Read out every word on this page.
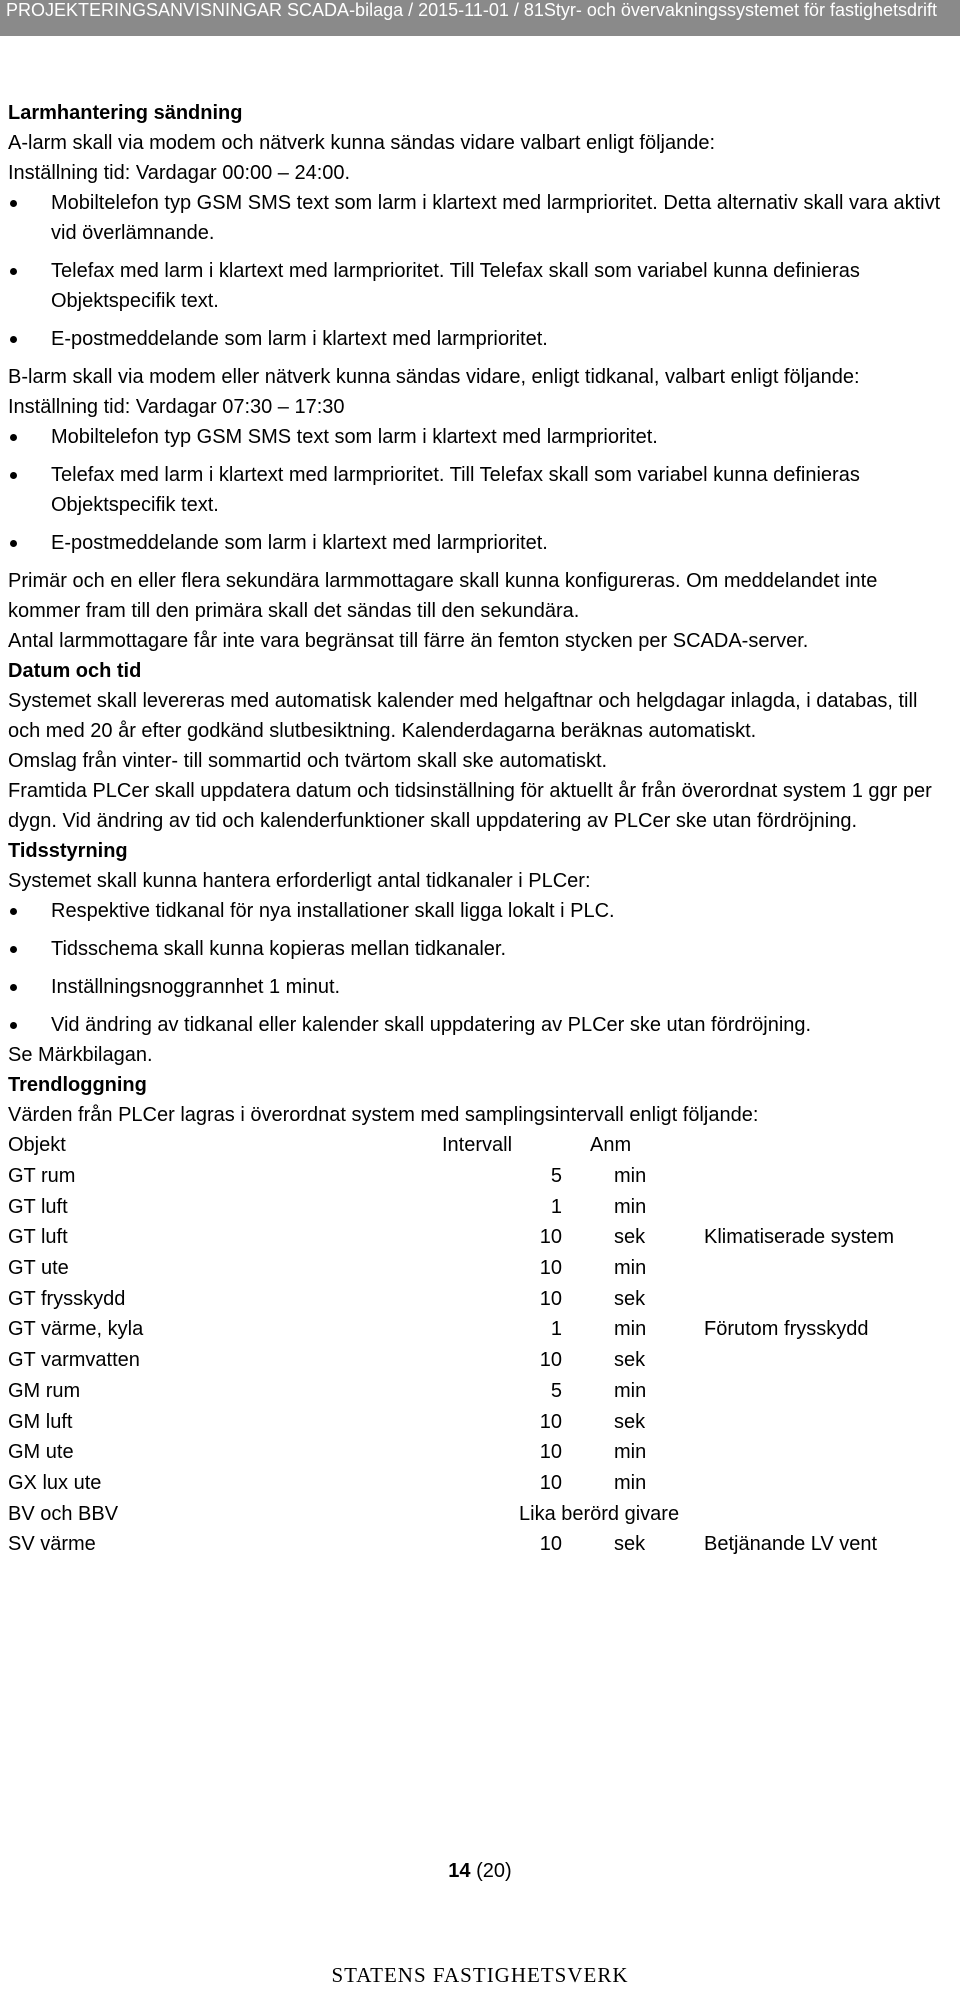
PROJEKTERINGSANVISNINGAR SCADA-bilaga / 2015-11-01 / 81Styr- och övervakningssystemet för fastighetsdrift

Larmhantering sändning

A-larm skall via modem och nätverk kunna sändas vidare valbart enligt följande:

Inställning tid: Vardagar 00:00 – 24:00.

Mobiltelefon typ GSM SMS text som larm i klartext med larmprioritet. Detta alternativ skall vara aktivt vid överlämnande.
Telefax med larm i klartext med larmprioritet. Till Telefax skall som variabel kunna definieras Objektspecifik text.
E-postmeddelande som larm i klartext med larmprioritet.

B-larm skall via modem eller nätverk kunna sändas vidare, enligt tidkanal, valbart enligt följande: Inställning tid: Vardagar 07:30 – 17:30

Mobiltelefon typ GSM SMS text som larm i klartext med larmprioritet.
Telefax med larm i klartext med larmprioritet. Till Telefax skall som variabel kunna definieras Objektspecifik text.
E-postmeddelande som larm i klartext med larmprioritet.

Primär och en eller flera sekundära larmmottagare skall kunna konfigureras. Om meddelandet inte kommer fram till den primära skall det sändas till den sekundära.

Antal larmmottagare får inte vara begränsat till färre än femton stycken per SCADA-server.

Datum och tid

Systemet skall levereras med automatisk kalender med helgaftnar och helgdagar inlagda, i databas, till och med 20 år efter godkänd slutbesiktning. Kalenderdagarna beräknas automatiskt.

Omslag från vinter- till sommartid och tvärtom skall ske automatiskt.

Framtida PLCer skall uppdatera datum och tidsinställning för aktuellt år från överordnat system 1 ggr per dygn. Vid ändring av tid och kalenderfunktioner skall uppdatering av PLCer ske utan fördröjning.

Tidsstyrning

Systemet skall kunna hantera erforderligt antal tidkanaler i PLCer:

Respektive tidkanal för nya installationer skall ligga lokalt i PLC.
Tidsschema skall kunna kopieras mellan tidkanaler.
Inställningsnoggrannhet 1 minut.
Vid ändring av tidkanal eller kalender skall uppdatering av PLCer ske utan fördröjning.

Se Märkbilagan.

Trendloggning

Värden från PLCer lagras i överordnat system med samplingsintervall enligt följande:

Objekt	Intervall	Anm	
GT rum	5	min	
GT luft	1	min	
GT luft	10	sek	Klimatiserade system
GT ute	10	min	
GT frysskydd	10	sek	
GT värme, kyla	1	min	Förutom frysskydd
GT varmvatten	10	sek	
GM rum	5	min	
GM luft	10	sek	
GM ute	10	min	
GX lux ute	10	min	
BV och BBV	Lika berörd givare
SV värme	10	sek	Betjänande LV vent
14 (20)
STATENS FASTIGHETSVERK
